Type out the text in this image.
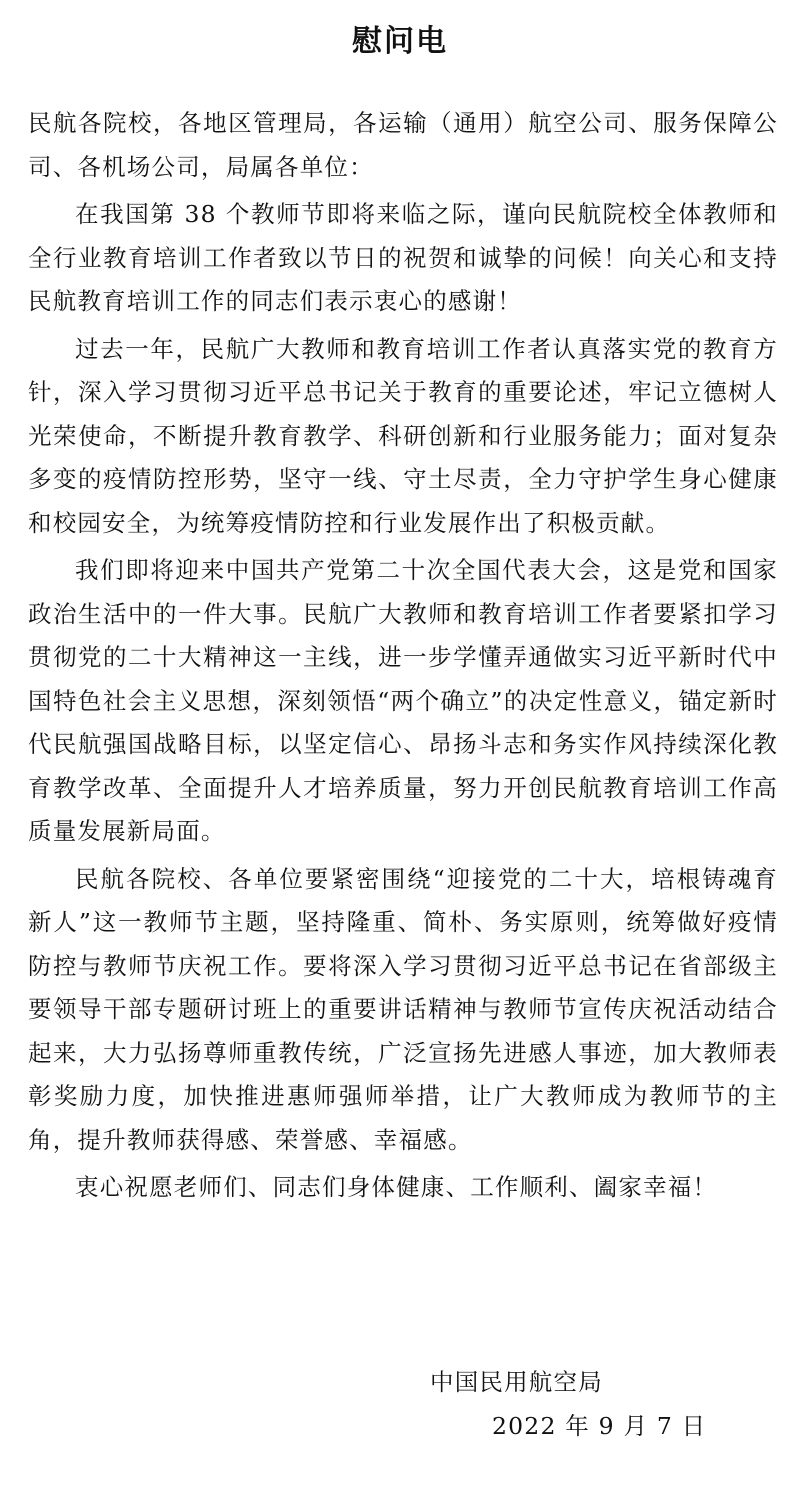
慰问电

民航各院校，各地区管理局，各运输（通用）航空公司、服务保障公司、各机场公司，局属各单位：

在我国第 38 个教师节即将来临之际，谨向民航院校全体教师和全行业教育培训工作者致以节日的祝贺和诚挚的问候！向关心和支持民航教育培训工作的同志们表示衷心的感谢！

过去一年，民航广大教师和教育培训工作者认真落实党的教育方针，深入学习贯彻习近平总书记关于教育的重要论述，牢记立德树人光荣使命，不断提升教育教学、科研创新和行业服务能力；面对复杂多变的疫情防控形势，坚守一线、守土尽责，全力守护学生身心健康和校园安全，为统筹疫情防控和行业发展作出了积极贡献。

我们即将迎来中国共产党第二十次全国代表大会，这是党和国家政治生活中的一件大事。民航广大教师和教育培训工作者要紧扣学习贯彻党的二十大精神这一主线，进一步学懂弄通做实习近平新时代中国特色社会主义思想，深刻领悟“两个确立”的决定性意义，锚定新时代民航强国战略目标，以坚定信心、昂扬斗志和务实作风持续深化教育教学改革、全面提升人才培养质量，努力开创民航教育培训工作高质量发展新局面。

民航各院校、各单位要紧密围绕“迎接党的二十大，培根铸魂育新人”这一教师节主题，坚持隆重、简朴、务实原则，统筹做好疫情防控与教师节庆祝工作。要将深入学习贯彻习近平总书记在省部级主要领导干部专题研讨班上的重要讲话精神与教师节宣传庆祝活动结合起来，大力弘扬尊师重教传统，广泛宣扬先进感人事迹，加大教师表彰奖励力度，加快推进惠师强师举措，让广大教师成为教师节的主角，提升教师获得感、荣誉感、幸福感。

衷心祝愿老师们、同志们身体健康、工作顺利、阖家幸福！

中国民用航空局
2022 年 9 月 7 日
